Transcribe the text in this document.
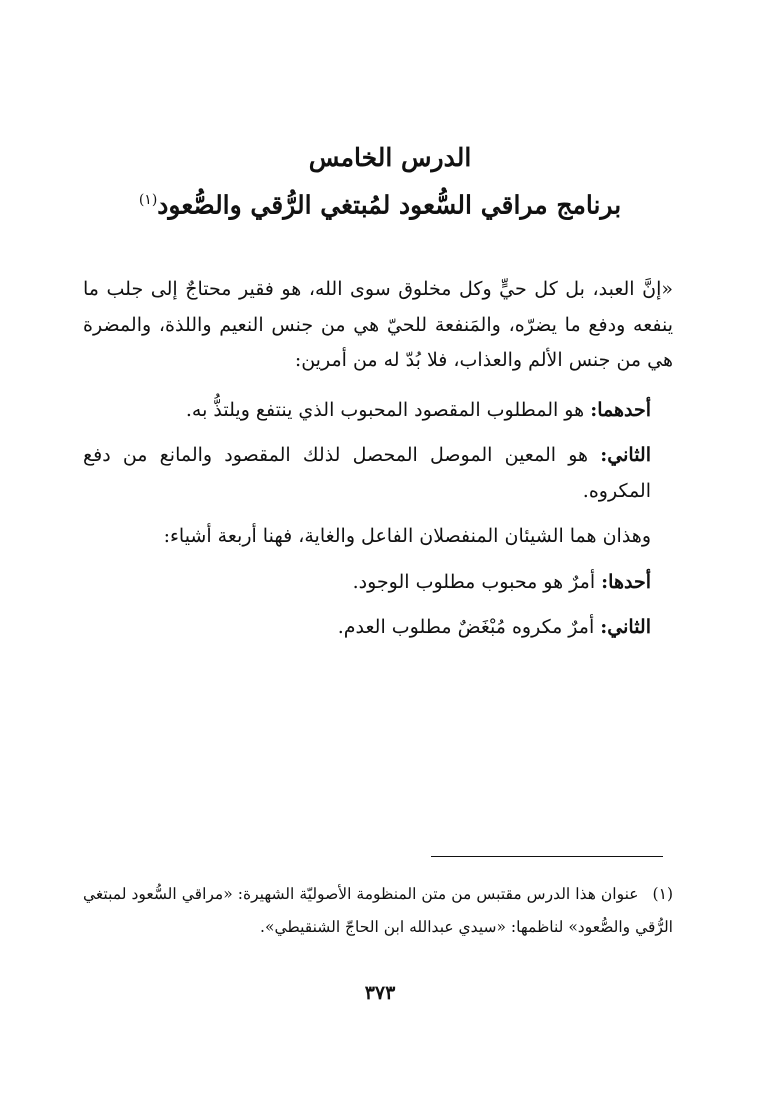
الدرس الخامس
برنامج مراقي السُّعود لمُبتغي الرُّقي والصُّعود$^{(١)}$

«إنَّ العبد، بل كل حيٍّ وكل مخلوق سوى الله، هو فقير محتاجٌ إلى جلب ما ينفعه ودفع ما يضرّه، والمَنفعة للحيّ هي من جنس النعيم واللذة، والمضرة هي من جنس الألم والعذاب، فلا بُدّ له من أمرين:

أحدهما: هو المطلوب المقصود المحبوب الذي ينتفع ويلتذُّ به.

الثاني: هو المعين الموصل المحصل لذلك المقصود والمانع من دفع المكروه.

وهذان هما الشيئان المنفصلان الفاعل والغاية، فهنا أربعة أشياء:

أحدها: أمرٌ هو محبوب مطلوب الوجود.

الثاني: أمرٌ مكروه مُبْغَضٌ مطلوب العدم.

(١)عنوان هذا الدرس مقتبس من متن المنظومة الأصوليّة الشهيرة: «مراقي السُّعود لمبتغي الرُّقي والصُّعود» لناظمها: «سيدي عبدالله ابن الحاجّ الشنقيطي».
٣٧٣
